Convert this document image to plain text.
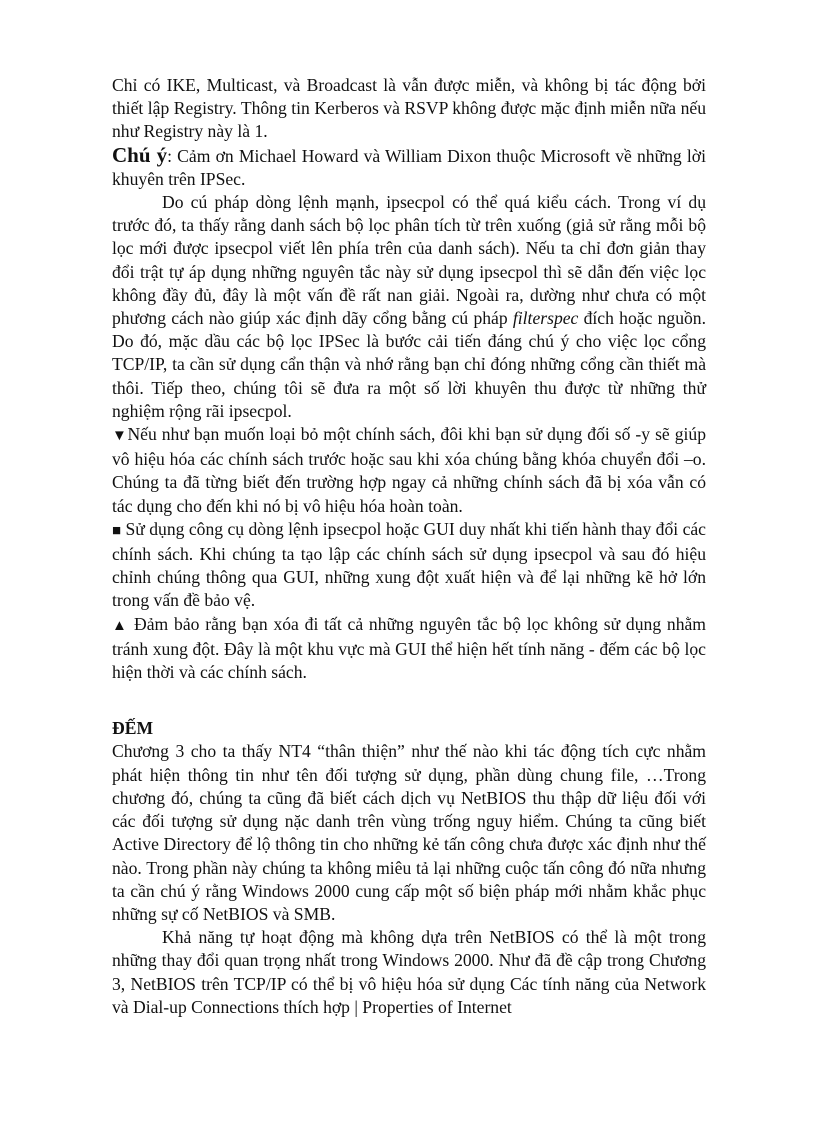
Chỉ có IKE, Multicast, và Broadcast là vẫn được miễn, và không bị tác động bởi thiết lập Registry. Thông tin Kerberos và RSVP không được mặc định miễn nữa nếu như Registry này là 1.

Chú ý: Cảm ơn Michael Howard và William Dixon thuộc Microsoft về những lời khuyên trên IPSec.

Do cú pháp dòng lệnh mạnh, ipsecpol có thể quá kiểu cách. Trong ví dụ trước đó, ta thấy rằng danh sách bộ lọc phân tích từ trên xuống (giả sử rằng mỗi bộ lọc mới được ipsecpol viết lên phía trên của danh sách). Nếu ta chỉ đơn giản thay đổi trật tự áp dụng những nguyên tắc này sử dụng ipsecpol thì sẽ dẫn đến việc lọc không đầy đủ, đây là một vấn đề rất nan giải. Ngoài ra, dường như chưa có một phương cách nào giúp xác định dãy cổng bằng cú pháp filterspec đích hoặc nguồn. Do đó, mặc dầu các bộ lọc IPSec là bước cải tiến đáng chú ý cho việc lọc cổng TCP/IP, ta cần sử dụng cẩn thận và nhớ rằng bạn chỉ đóng những cổng cần thiết mà thôi. Tiếp theo, chúng tôi sẽ đưa ra một số lời khuyên thu được từ những thử nghiệm rộng rãi ipsecpol.

▼Nếu như bạn muốn loại bỏ một chính sách, đôi khi bạn sử dụng đối số -y sẽ giúp vô hiệu hóa các chính sách trước hoặc sau khi xóa chúng bằng khóa chuyển đổi –o. Chúng ta đã từng biết đến trường hợp ngay cả những chính sách đã bị xóa vẫn có tác dụng cho đến khi nó bị vô hiệu hóa hoàn toàn.

■ Sử dụng công cụ dòng lệnh ipsecpol hoặc GUI duy nhất khi tiến hành thay đổi các chính sách. Khi chúng ta tạo lập các chính sách sử dụng ipsecpol và sau đó hiệu chỉnh chúng thông qua GUI, những xung đột xuất hiện và để lại những kẽ hở lớn trong vấn đề bảo vệ.

▲ Đảm bảo rằng bạn xóa đi tất cả những nguyên tắc bộ lọc không sử dụng nhằm tránh xung đột. Đây là một khu vực mà GUI thể hiện hết tính năng - đếm các bộ lọc hiện thời và các chính sách.

ĐẾM

Chương 3 cho ta thấy NT4 “thân thiện” như thế nào khi tác động tích cực nhằm phát hiện thông tin như tên đối tượng sử dụng, phần dùng chung file, …Trong chương đó, chúng ta cũng đã biết cách dịch vụ NetBIOS thu thập dữ liệu đối với các đối tượng sử dụng nặc danh trên vùng trống nguy hiểm. Chúng ta cũng biết Active Directory để lộ thông tin cho những kẻ tấn công chưa được xác định như thế nào. Trong phần này chúng ta không miêu tả lại những cuộc tấn công đó nữa nhưng ta cần chú ý rằng Windows 2000 cung cấp một số biện pháp mới nhằm khắc phục những sự cố NetBIOS và SMB.

Khả năng tự hoạt động mà không dựa trên NetBIOS có thể là một trong những thay đổi quan trọng nhất trong Windows 2000. Như đã đề cập trong Chương 3, NetBIOS trên TCP/IP có thể bị vô hiệu hóa sử dụng Các tính năng của Network và Dial-up Connections thích hợp | Properties of Internet
